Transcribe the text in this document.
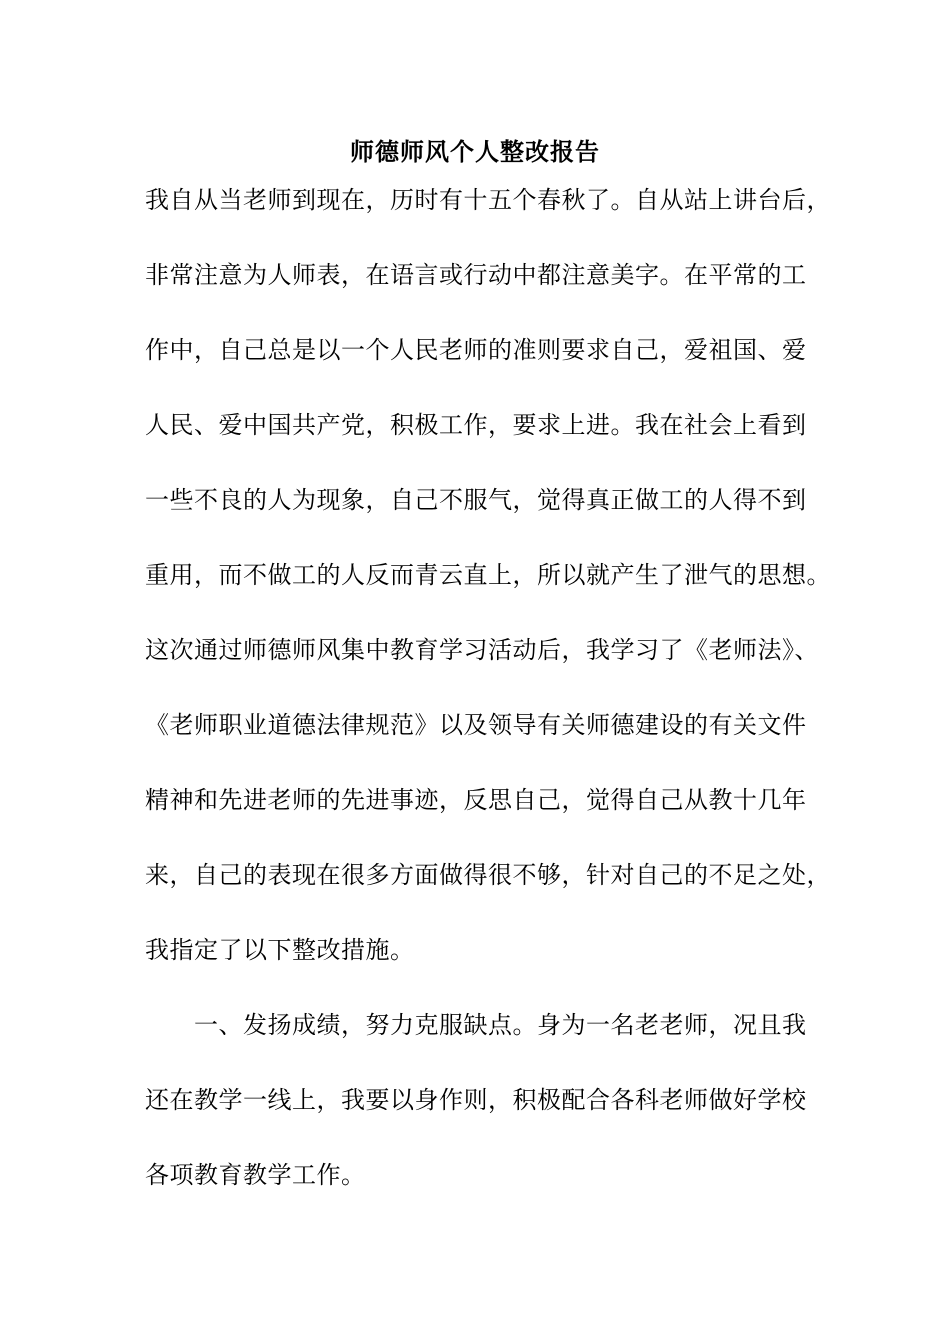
师德师风个人整改报告
我自从当老师到现在，历时有十五个春秋了。自从站上讲台后，
非常注意为人师表，在语言或行动中都注意美字。在平常的工
作中，自己总是以一个人民老师的准则要求自己，爱祖国、爱
人民、爱中国共产党，积极工作，要求上进。我在社会上看到
一些不良的人为现象，自己不服气，觉得真正做工的人得不到
重用，而不做工的人反而青云直上，所以就产生了泄气的思想。
这次通过师德师风集中教育学习活动后，我学习了《老师法》、
《老师职业道德法律规范》以及领导有关师德建设的有关文件
精神和先进老师的先进事迹，反思自己，觉得自己从教十几年
来，自己的表现在很多方面做得很不够，针对自己的不足之处，
我指定了以下整改措施。
　　一、发扬成绩，努力克服缺点。身为一名老老师，况且我
还在教学一线上，我要以身作则，积极配合各科老师做好学校
各项教育教学工作。
